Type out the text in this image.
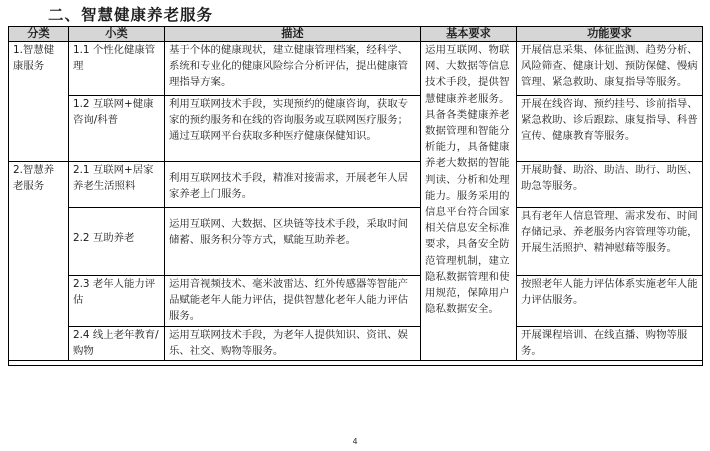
二、智慧健康养老服务
分类	小类	描述	基本要求	功能要求
1.智慧健康服务	1.1 个性化健康管理	基于个体的健康现状，建立健康管理档案，经科学、系统和专业化的健康风险综合分析评估，提出健康管理指导方案。	运用互联网、物联网、大数据等信息技术手段，提供智慧健康养老服务。具备各类健康养老数据管理和智能分析能力，具备健康养老大数据的智能判读、分析和处理能力。服务采用的信息平台符合国家相关信息安全标准要求，具备安全防范管理机制，建立隐私数据管理和使用规范，保障用户隐私数据安全。	开展信息采集、体征监测、趋势分析、风险筛查、健康计划、预防保健、慢病管理、紧急救助、康复指导等服务。
	1.2 互联网+健康咨询/科普	利用互联网技术手段，实现预约的健康咨询，获取专家的预约服务和在线的咨询服务或互联网医疗服务；通过互联网平台获取多种医疗健康保健知识。		开展在线咨询、预约挂号、诊前指导、紧急救助、诊后跟踪、康复指导、科普宣传、健康教育等服务。
2.智慧养老服务	2.1 互联网+居家养老生活照料	利用互联网技术手段，精准对接需求，开展老年人居家养老上门服务。		开展助餐、助浴、助洁、助行、助医、助急等服务。
	2.2 互助养老	运用互联网、大数据、区块链等技术手段，采取时间储蓄、服务积分等方式，赋能互助养老。		具有老年人信息管理、需求发布、时间存储记录、养老服务内容管理等功能，开展生活照护、精神慰藉等服务。
	2.3 老年人能力评估	运用音视频技术、毫米波雷达、红外传感器等智能产品赋能老年人能力评估，提供智慧化老年人能力评估服务。		按照老年人能力评估体系实施老年人能力评估服务。
	2.4 线上老年教育/购物	运用互联网技术手段，为老年人提供知识、资讯、娱乐、社交、购物等服务。		开展课程培训、在线直播、购物等服务。

4
